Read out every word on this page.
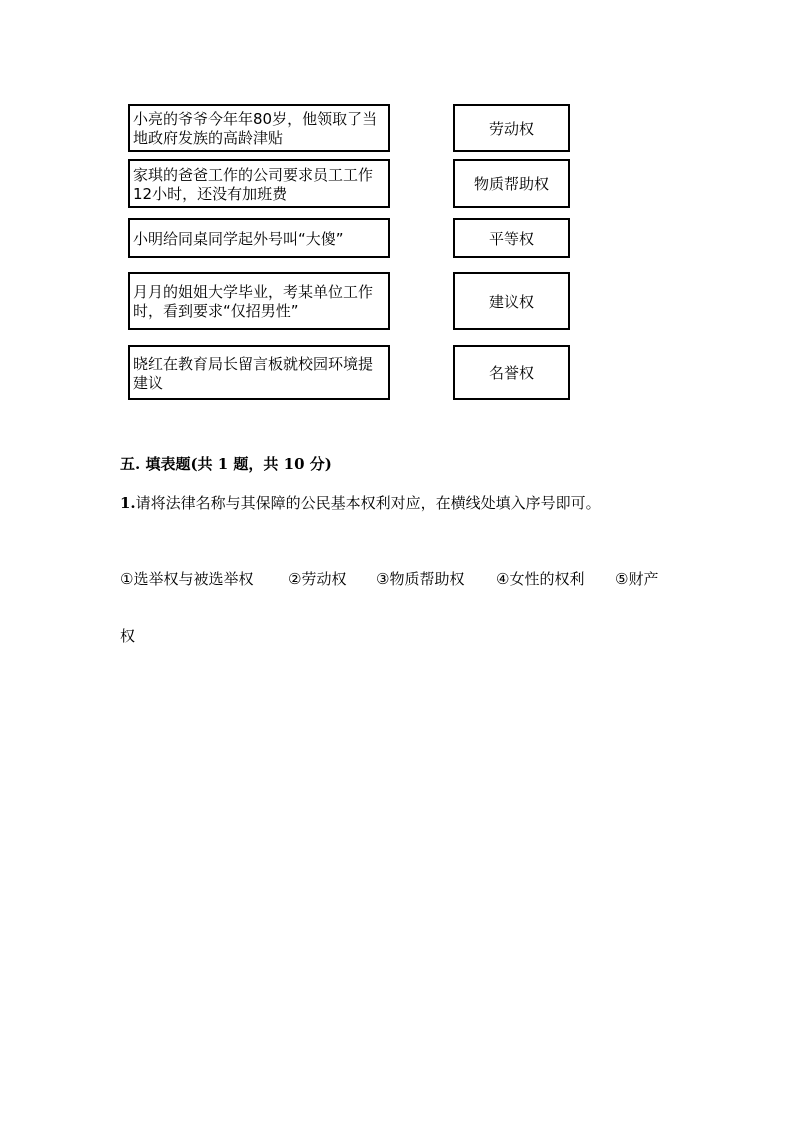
小亮的爷爷今年年80岁，他领取了当地政府发族的高龄津贴
家琪的爸爸工作的公司要求员工工作12小时，还没有加班费
小明给同桌同学起外号叫“大傻”
月月的姐姐大学毕业，考某单位工作时，看到要求“仅招男性”
晓红在教育局长留言板就校园环境提建议
劳动权
物质帮助权
平等权
建议权
名誉权
五. 填表题(共 1 题，共 10 分)
1.请将法律名称与其保障的公民基本权利对应，在横线处填入序号即可。
①选举权与被选举权 ②劳动权 ③物质帮助权 ④女性的权利 ⑤财产
权
